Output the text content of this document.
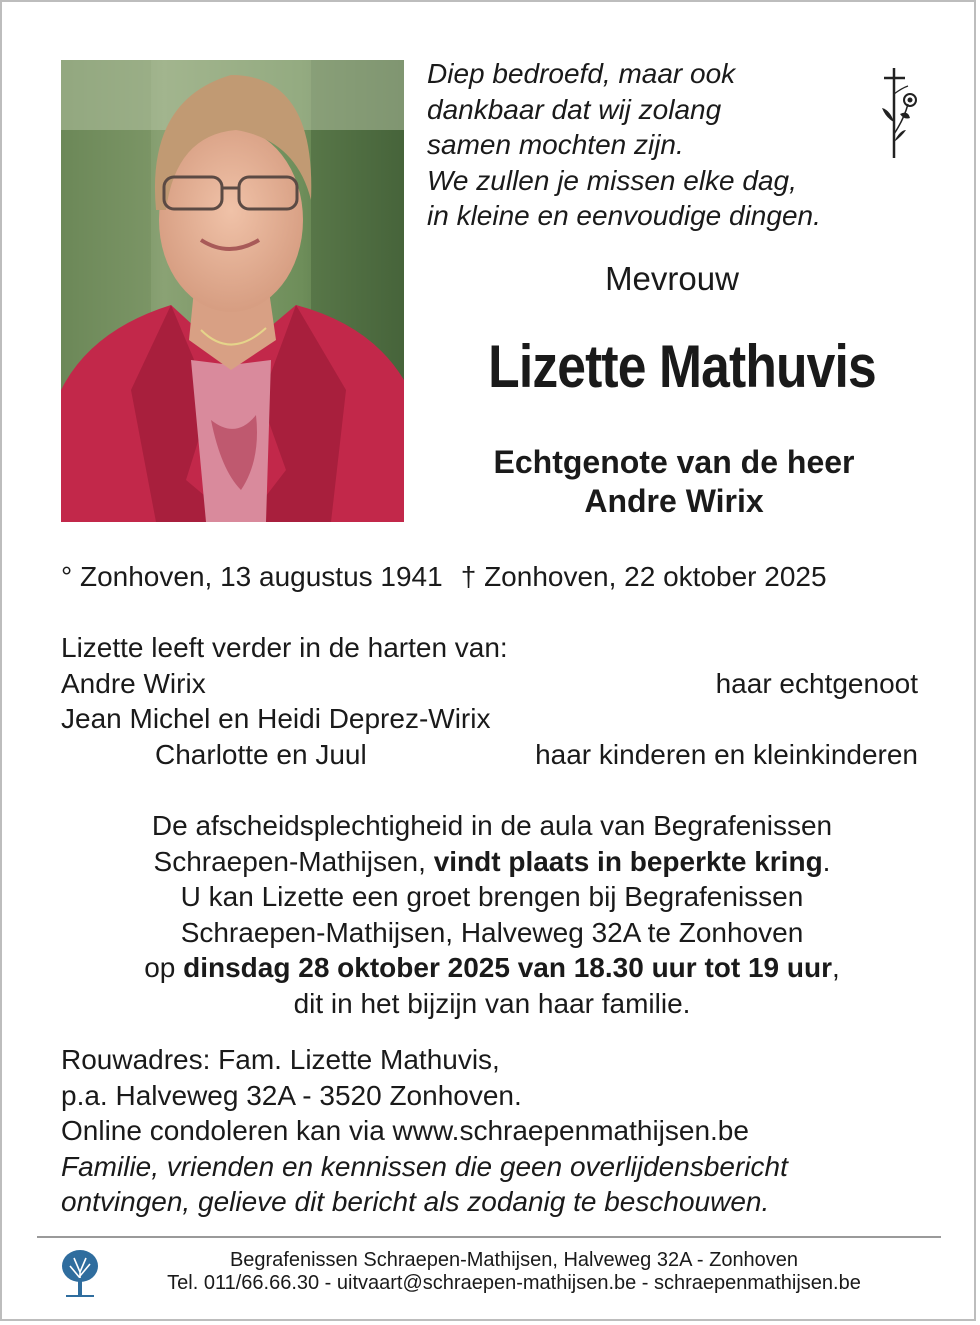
Diep bedroefd, maar ook
dankbaar dat wij zolang
samen mochten zijn.
We zullen je missen elke dag,
in kleine en eenvoudige dingen.
Mevrouw
Lizette Mathuvis
Echtgenote van de heer
Andre Wirix
° Zonhoven, 13 augustus 1941 † Zonhoven, 22 oktober 2025
Lizette leeft verder in de harten van:
Andre Wirix	haar echtgenoot
Jean Michel en Heidi Deprez-Wirix
Charlotte en Juul	haar kinderen en kleinkinderen
De afscheidsplechtigheid in de aula van Begrafenissen
Schraepen-Mathijsen, vindt plaats in beperkte kring.
U kan Lizette een groet brengen bij Begrafenissen
Schraepen-Mathijsen, Halveweg 32A te Zonhoven
op dinsdag 28 oktober 2025 van 18.30 uur tot 19 uur,
dit in het bijzijn van haar familie.
Rouwadres: Fam. Lizette Mathuvis,
p.a. Halveweg 32A - 3520 Zonhoven.
Online condoleren kan via www.schraepenmathijsen.be
Familie, vrienden en kennissen die geen overlijdensbericht
ontvingen, gelieve dit bericht als zodanig te beschouwen.
Begrafenissen Schraepen-Mathijsen, Halveweg 32A - Zonhoven
Tel. 011/66.66.30 - uitvaart@schraepen-mathijsen.be - schraepenmathijsen.be
